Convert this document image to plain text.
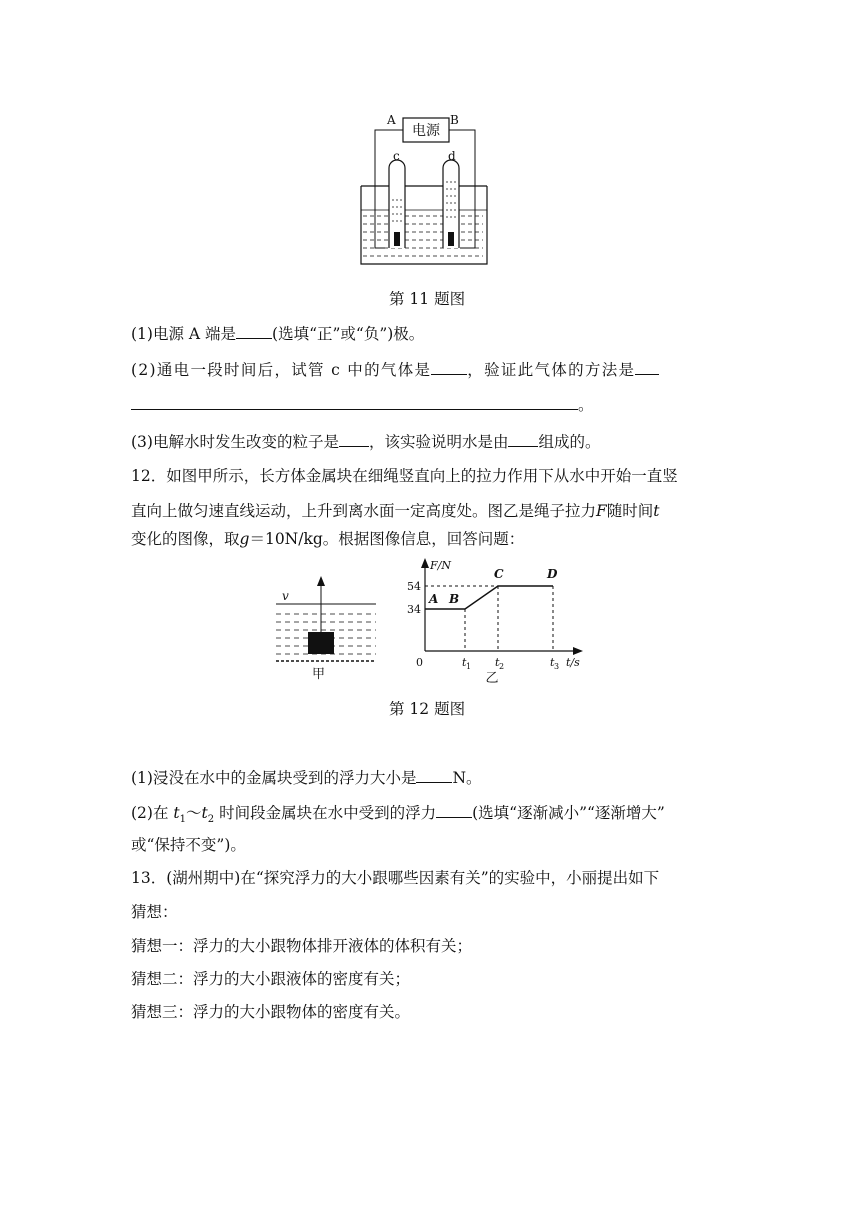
电源
A	B
c	d
第 11 题图
(1)电源 A 端是 (选填“正”或“负”)极。
(2)通电一段时间后，试管 c 中的气体是 ，验证此气体的方法是
。
(3)电解水时发生改变的粒子是 ，该实验说明水是由 组成的。
12．如图甲所示，长方体金属块在细绳竖直向上的拉力作用下从水中开始一直竖
直向上做匀速直线运动，上升到离水面一定高度处。图乙是绳子拉力F随时间t
变化的图像，取g＝10N/kg。根据图像信息，回答问题：
v
甲
F/N
t/s
0
34
54
t 1 t 2	t 3
A B
C	D
乙
第 12 题图
(1)浸没在水中的金属块受到的浮力大小是 N。
(2)在 $t_1\sim t_2$ 时间段金属块在水中受到的浮力 (选填“逐渐减小”“逐渐增大”
或“保持不变”)。
13．(湖州期中)在“探究浮力的大小跟哪些因素有关”的实验中，小丽提出如下
猜想：
猜想一：浮力的大小跟物体排开液体的体积有关；
猜想二：浮力的大小跟液体的密度有关；
猜想三：浮力的大小跟物体的密度有关。
